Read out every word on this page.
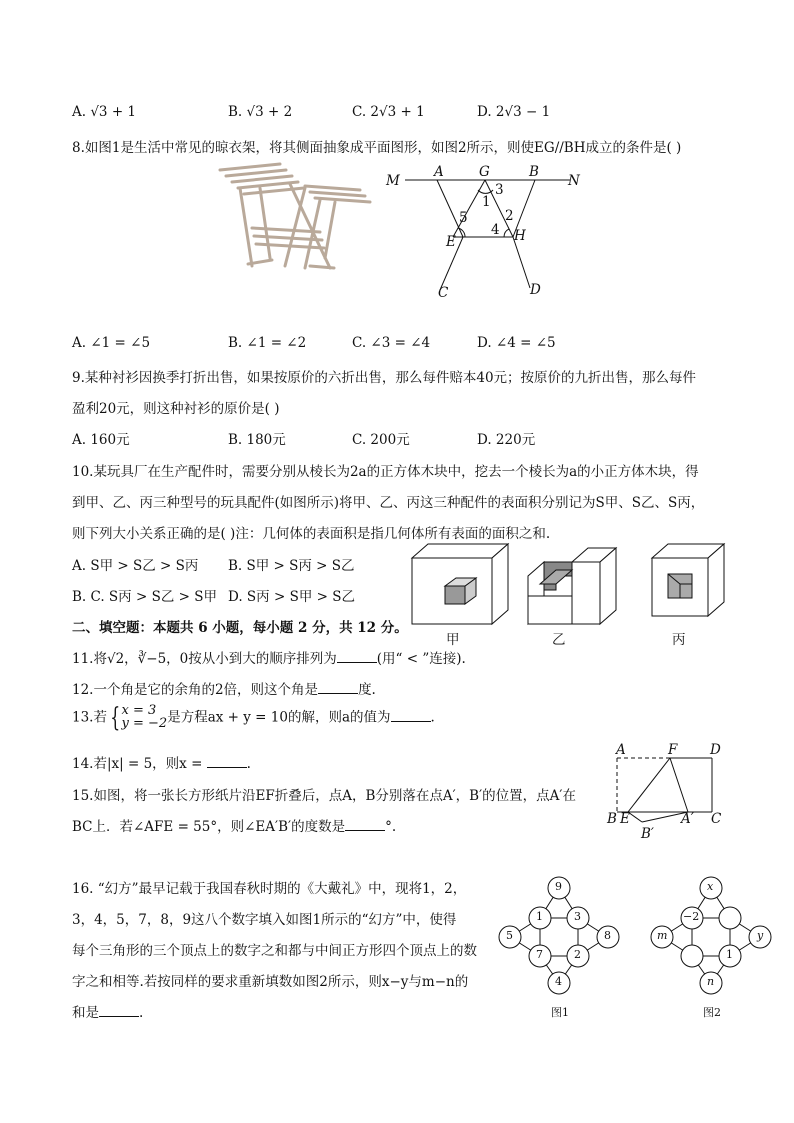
A. √3 + 1	B. √3 + 2	C. 2√3 + 1	D. 2√3 − 1
8.如图1是生活中常见的晾衣架，将其侧面抽象成平面图形，如图2所示，则使EG//BH成立的条件是( )
M
A	G	B
N
3
1
5	2
E
4 H
C	D
A. ∠1 = ∠5	B. ∠1 = ∠2	C. ∠3 = ∠4	D. ∠4 = ∠5
9.某种衬衫因换季打折出售，如果按原价的六折出售，那么每件赔本40元；按原价的九折出售，那么每件
盈利20元，则这种衬衫的原价是( )
A. 160元	B. 180元	C. 200元	D. 220元
10.某玩具厂在生产配件时，需要分别从棱长为2a的正方体木块中，挖去一个棱长为a的小正方体木块，得
到甲、乙、丙三种型号的玩具配件(如图所示)将甲、乙、丙这三种配件的表面积分别记为S甲、S乙、S丙，
则下列大小关系正确的是( )注：几何体的表面积是指几何体所有表面的面积之和.
A. S甲 > S乙 > S丙 B. S甲 > S丙 > S乙
B. C. S丙 > S乙 > S甲 D. S丙 > S甲 > S乙
甲	乙	丙
二、填空题：本题共 6 小题，每小题 2 分，共 12 分。
11.将√2，∛−5，0按从小到大的顺序排列为	(用“ < ”连接).
12.一个角是它的余角的2倍，则这个角是	度.
13.若 {x = 3
y = −2是方程ax + y = 10的解，则a的值为	.
14.若|x| = 5，则x =	.
15.如图，将一张长方形纸片沿EF折叠后，点A，B分别落在点A′，B′的位置，点A′在
BC上．若∠AFE = 55°，则∠EA′B′的度数是	°.
A	F D
B E	A′ C
B′
16. “幻方”最早记载于我国春秋时期的《大戴礼》中，现将1，2，
3，4，5，7，8，9这八个数字填入如图1所示的“幻方”中，使得
每个三角形的三个顶点上的数字之和都与中间正方形四个顶点上的数
字之和相等.若按同样的要求重新填数如图2所示，则x−y与m−n的
和是	.
9
1	3
5	8
7	2
4
图1
x
−2
m	y
1
n
图2
